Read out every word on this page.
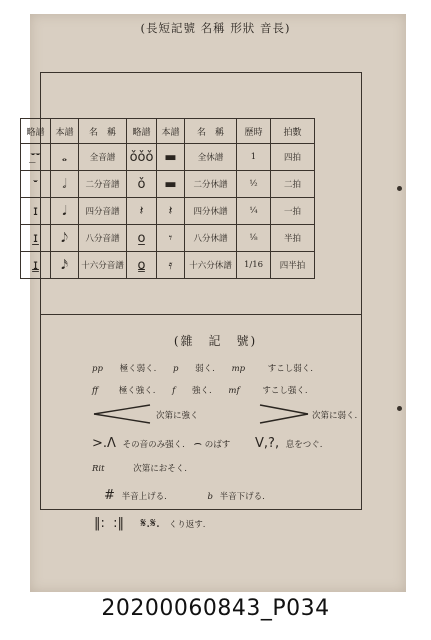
(長短記號 名稱 形狀 音長)
略譜	本譜	名　稱	略譜	本譜	名　稱	歷時	拍數
𝄻̲𝄻	𝅝	全音譜	ǒǒǒ	▬	全休譜	1	四拍
𝄻	𝅗𝅥	二分音譜	ǒ	▬	二分休譜	½	二拍
ɪ	𝅘𝅥	四分音譜	𝄽	𝄽	四分休譜	¼	一拍
ɪ̲	𝅘𝅥𝅮	八分音譜	o̲	𝄾	八分休譜	⅛	半拍
ɪ̳	𝅘𝅥𝅯	十六分音譜	o̳	𝄿	十六分休譜	1/16	四半拍
(雜　記　號)
pp 極く弱く. p 弱く. mp	すこし弱く.
ff 極く強く. f 強く. mf	すこし强く.
次第に強く	次第に弱く.
>.Λ その音のみ强く. ⌢ のばす V,?, 息をつぐ.
Rit	次第におそく.
# 半音上げる.	b 半音下げる.
‖:  :‖    𝄋.𝄋. くり返す.
20200060843_P034
